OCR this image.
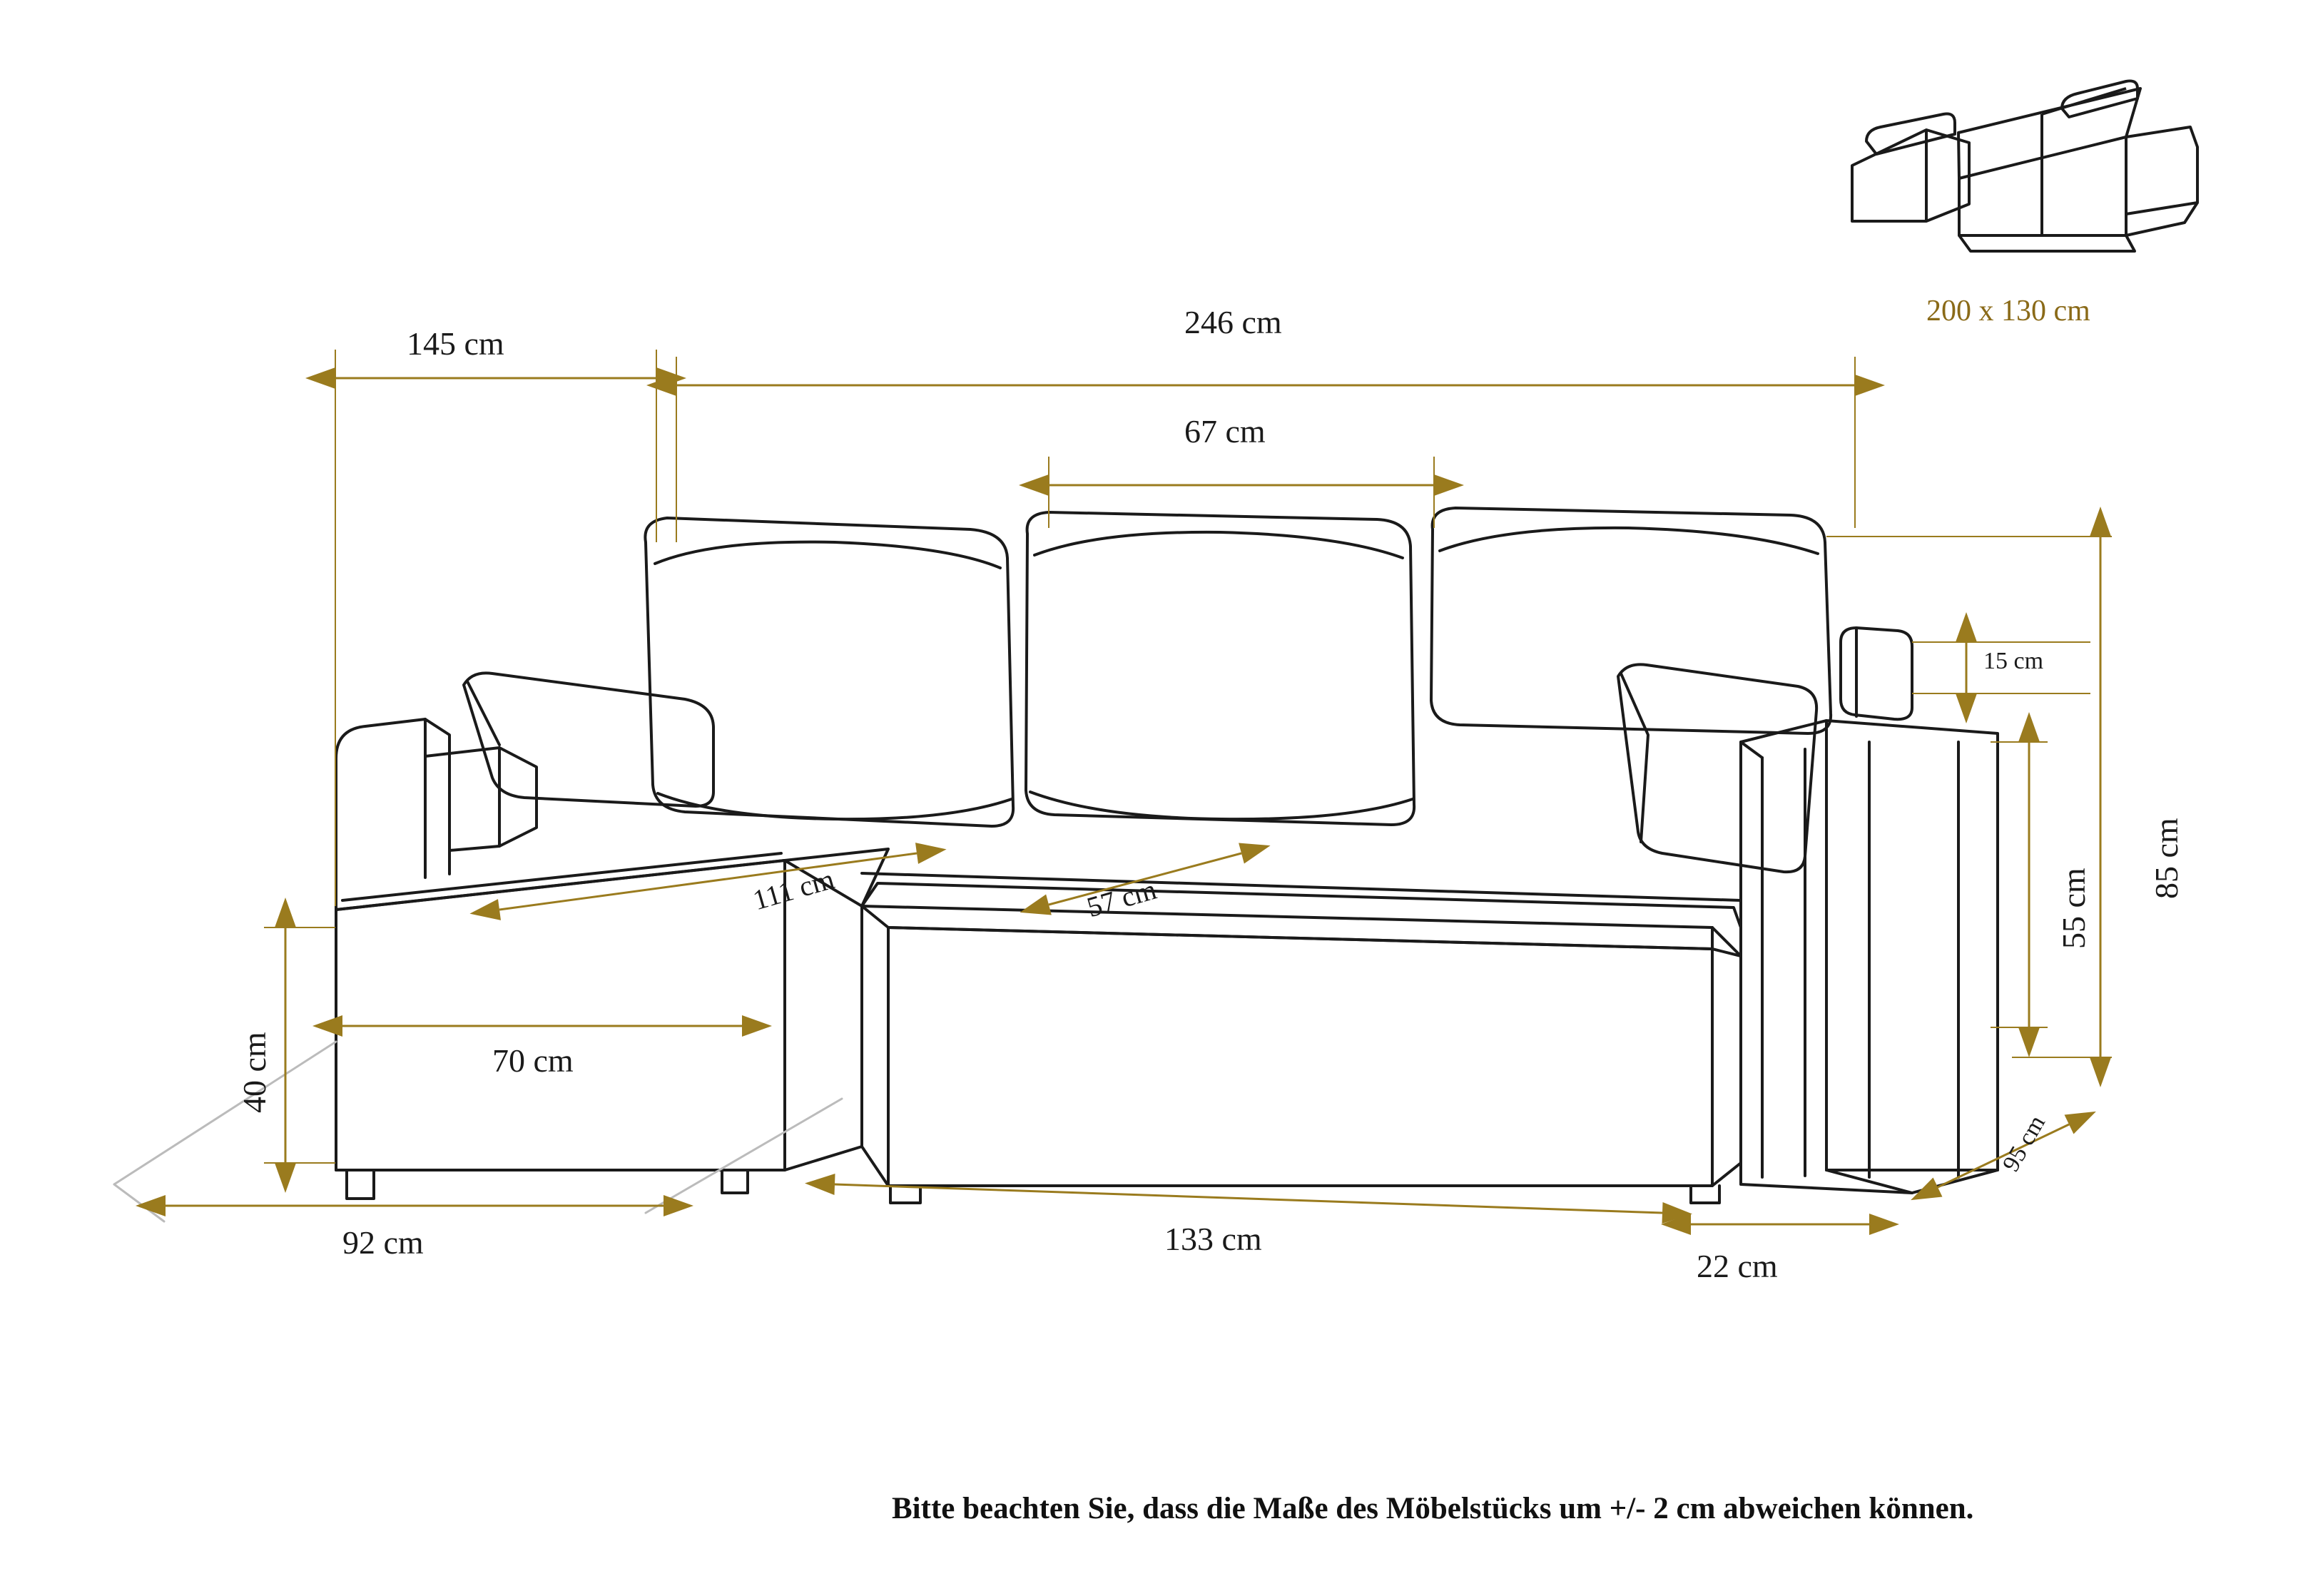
145 cm
246 cm
67 cm
15 cm
85 cm
55 cm
40 cm
111 cm	57 cm
70 cm
92 cm	133 cm
22 cm
95 cm
200 x 130 cm
Bitte beachten Sie, dass die Maße des Möbelstücks um +/- 2 cm abweichen können.
